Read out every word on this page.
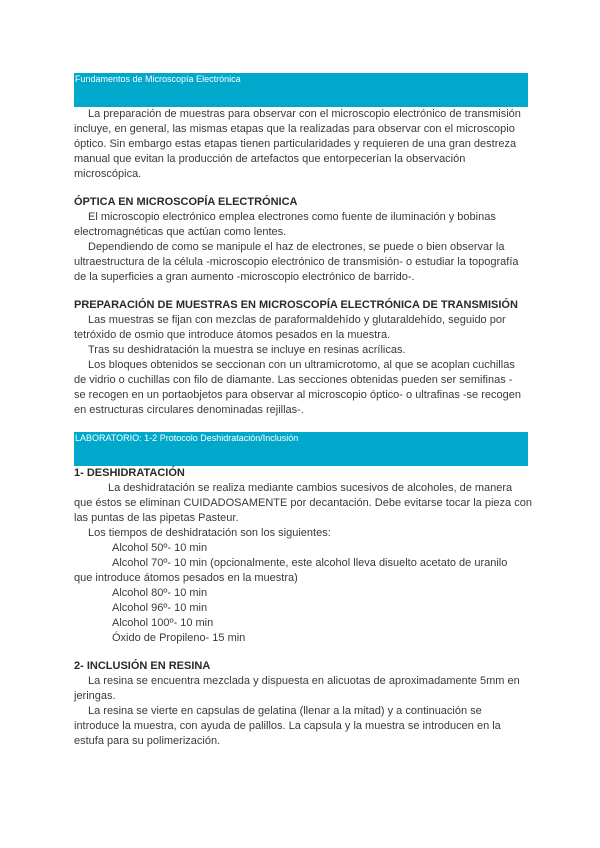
Fundamentos de Microscopía Electrónica
La preparación de muestras para observar con el microscopio electrónico de transmisión
incluye, en general, las mismas etapas que la realizadas para observar con el microscopio
óptico. Sin embargo estas etapas tienen particularidades y requieren de una gran destreza
manual que evitan la producción de artefactos que entorpecerían la observación
microscópica.
ÓPTICA EN MICROSCOPÍA ELECTRÓNICA
El microscopio electrónico emplea electrones como fuente de iluminación y bobinas
electromagnéticas que actúan como lentes.
Dependiendo de como se manipule el haz de electrones, se puede o bien observar la
ultraestructura de la célula -microscopio electrónico de transmisión- o estudiar la topografía
de la superficies a gran aumento -microscopio electrónico de barrido-.
PREPARACIÓN DE MUESTRAS EN MICROSCOPÍA ELECTRÓNICA DE TRANSMISIÓN
Las muestras se fijan con mezclas de paraformaldehído y glutaraldehído, seguido por
tetróxido de osmio que introduce átomos pesados en la muestra.
Tras su deshidratación la muestra se incluye en resinas acrílicas.
Los bloques obtenidos se seccionan con un ultramicrotomo, al que se acoplan cuchillas
de vidrio o cuchillas con filo de diamante. Las secciones obtenidas pueden ser semifinas -
se recogen en un portaobjetos para observar al microscopio óptico- o ultrafinas -se recogen
en estructuras circulares denominadas rejillas-.
LABORATORIO: 1-2 Protocolo Deshidratación/Inclusión
1- DESHIDRATACIÓN
La deshidratación se realiza mediante cambios sucesivos de alcoholes, de manera
que éstos se eliminan CUIDADOSAMENTE por decantación. Debe evitarse tocar la pieza con
las puntas de las pipetas Pasteur.
Los tiempos de deshidratación son los siguientes:
Alcohol 50º- 10 min
Alcohol 70º- 10 min (opcionalmente, este alcohol lleva disuelto acetato de uranilo
que introduce átomos pesados en la muestra)
Alcohol 80º- 10 min
Alcohol 96º- 10 min
Alcohol 100º- 10 min
Óxido de Propileno- 15 min
2- INCLUSIÓN EN RESINA
La resina se encuentra mezclada y dispuesta en alicuotas de aproximadamente 5mm en
jeringas.
La resina se vierte en capsulas de gelatina (llenar a la mitad) y a continuación se
introduce la muestra, con ayuda de palillos. La capsula y la muestra se introducen en la
estufa para su polimerización.
